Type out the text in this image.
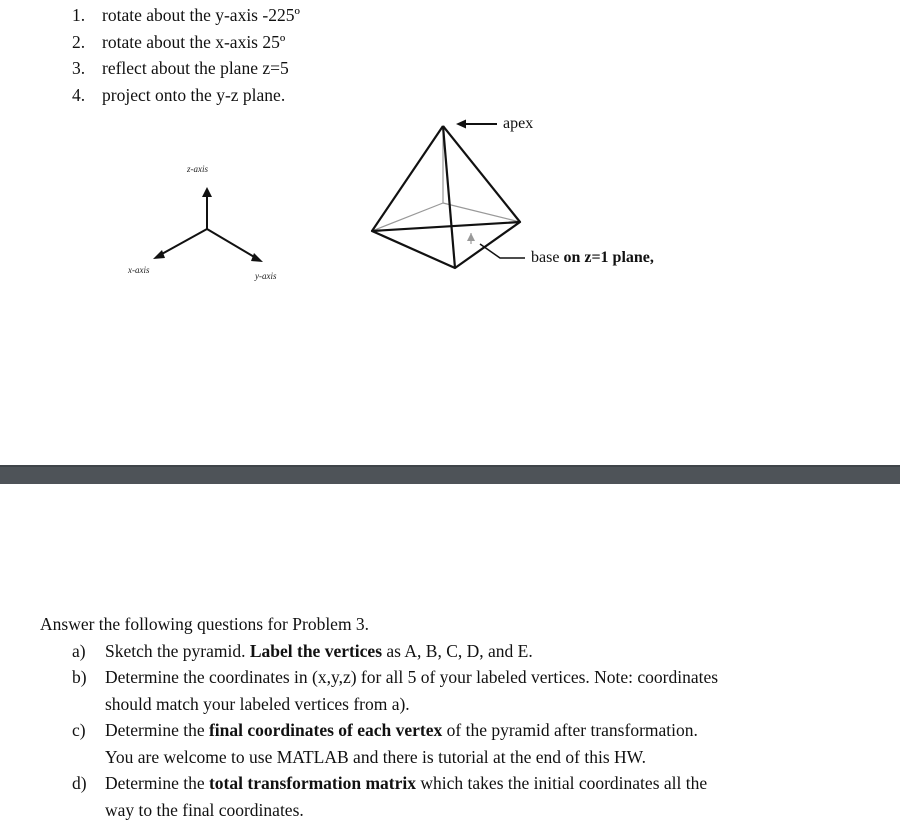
1. rotate about the y-axis -225º
2. rotate about the x-axis 25º
3. reflect about the plane z=5
4. project onto the y-z plane.
z-axis
x-axis
y-axis
apex
base on z=1 plane,
Answer the following questions for Problem 3.
a) Sketch the pyramid. Label the vertices as A, B, C, D, and E.
b) Determine the coordinates in (x,y,z) for all 5 of your labeled vertices. Note: coordinates
should match your labeled vertices from a).
c) Determine the final coordinates of each vertex of the pyramid after transformation.
You are welcome to use MATLAB and there is tutorial at the end of this HW.
d) Determine the total transformation matrix which takes the initial coordinates all the
way to the final coordinates.
